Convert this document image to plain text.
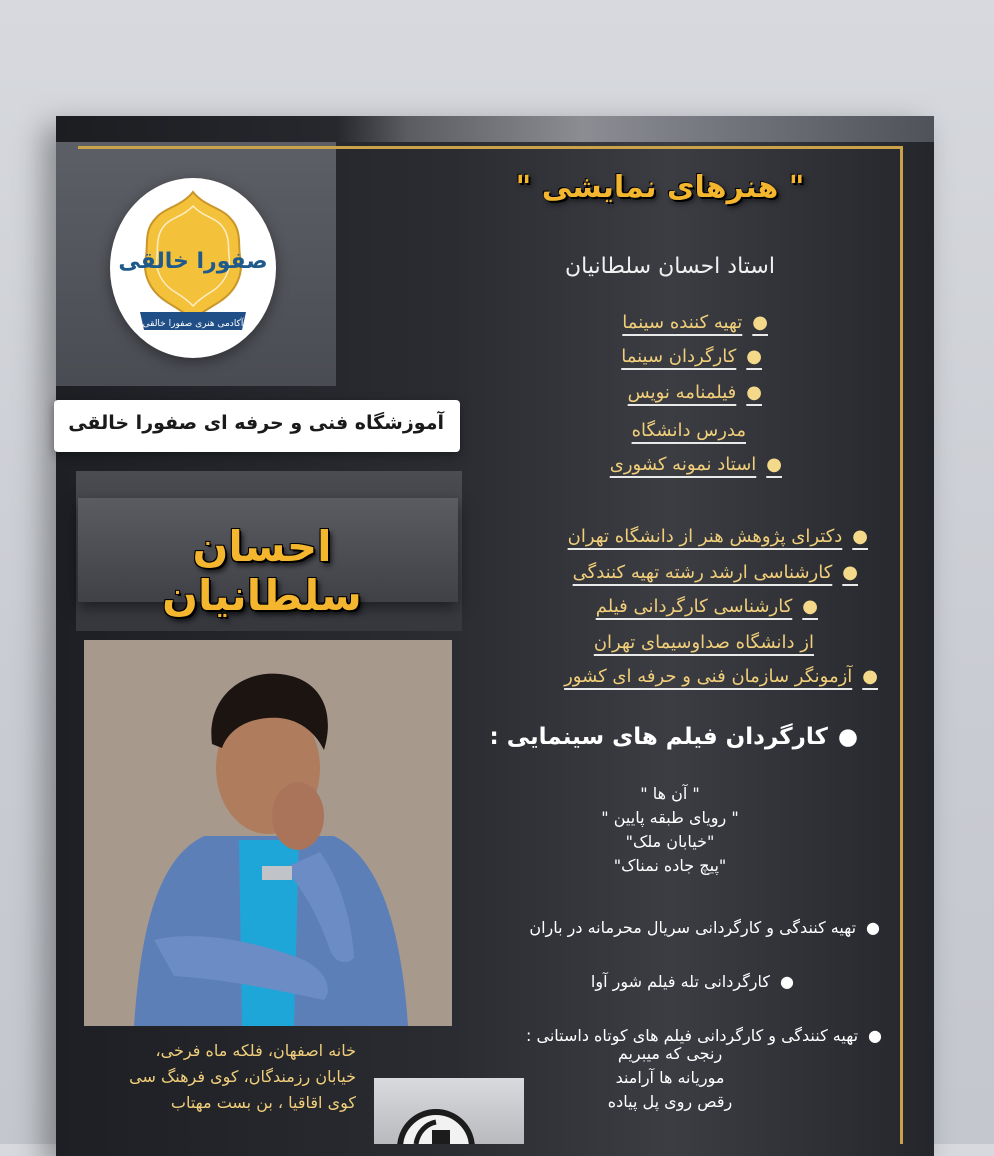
صفورا خالقی
آکادمی هنری صفورا خالقی
آموزشگاه فنی و حرفه ای صفورا خالقی
احسان سلطانیان
خانه اصفهان، فلکه ماه فرخی،
خیابان رزمندگان، کوی فرهنگ سی
کوی اقاقیا ، بن بست مهتاب
" هنرهای نمایشی "
استاد احسان سلطانیان
●تهیه کننده سینما
●کارگردان سینما
●فیلمنامه نویس
مدرس دانشگاه
●استاد نمونه کشوری
●دکترای پژوهش هنر از دانشگاه تهران
●کارشناسی ارشد رشته تهیه کنندگی
●کارشناسی کارگردانی فیلم
از دانشگاه صداوسیمای تهران
●آزمونگر سازمان فنی و حرفه ای کشور
●کارگردان فیلم های سینمایی :
" آن ها "
" رویای طبقه پایین "
"خیابان ملک"
"پیچ جاده نمناک"
●تهیه کنندگی و کارگردانی سریال محرمانه در باران
●کارگردانی تله فیلم شور آوا
●تهیه کنندگی و کارگردانی فیلم های کوتاه داستانی :
رنجی که میبریم
موریانه ها آرامند
رقص روی پل پیاده
